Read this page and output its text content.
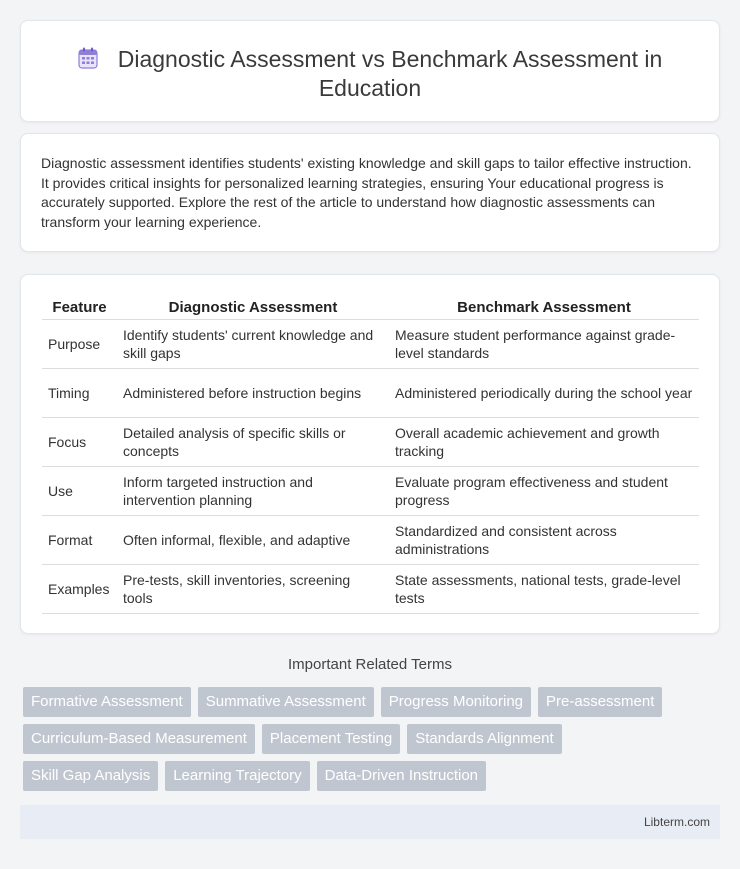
Diagnostic Assessment vs Benchmark Assessment in Education

Diagnostic assessment identifies students' existing knowledge and skill gaps to tailor effective instruction. It provides critical insights for personalized learning strategies, ensuring Your educational progress is accurately supported. Explore the rest of the article to understand how diagnostic assessments can transform your learning experience.

Feature	Diagnostic Assessment	Benchmark Assessment
Purpose	Identify students' current knowledge and skill gaps	Measure student performance against grade-level standards
Timing	Administered before instruction begins	Administered periodically during the school year
Focus	Detailed analysis of specific skills or concepts	Overall academic achievement and growth tracking
Use	Inform targeted instruction and intervention planning	Evaluate program effectiveness and student progress
Format	Often informal, flexible, and adaptive	Standardized and consistent across administrations
Examples	Pre-tests, skill inventories, screening tools	State assessments, national tests, grade-level tests
Important Related Terms
Formative Assessment	Summative Assessment	Progress Monitoring	Pre-assessment
Curriculum-Based Measurement	Placement Testing	Standards Alignment
Skill Gap Analysis	Learning Trajectory	Data-Driven Instruction
Libterm.com
